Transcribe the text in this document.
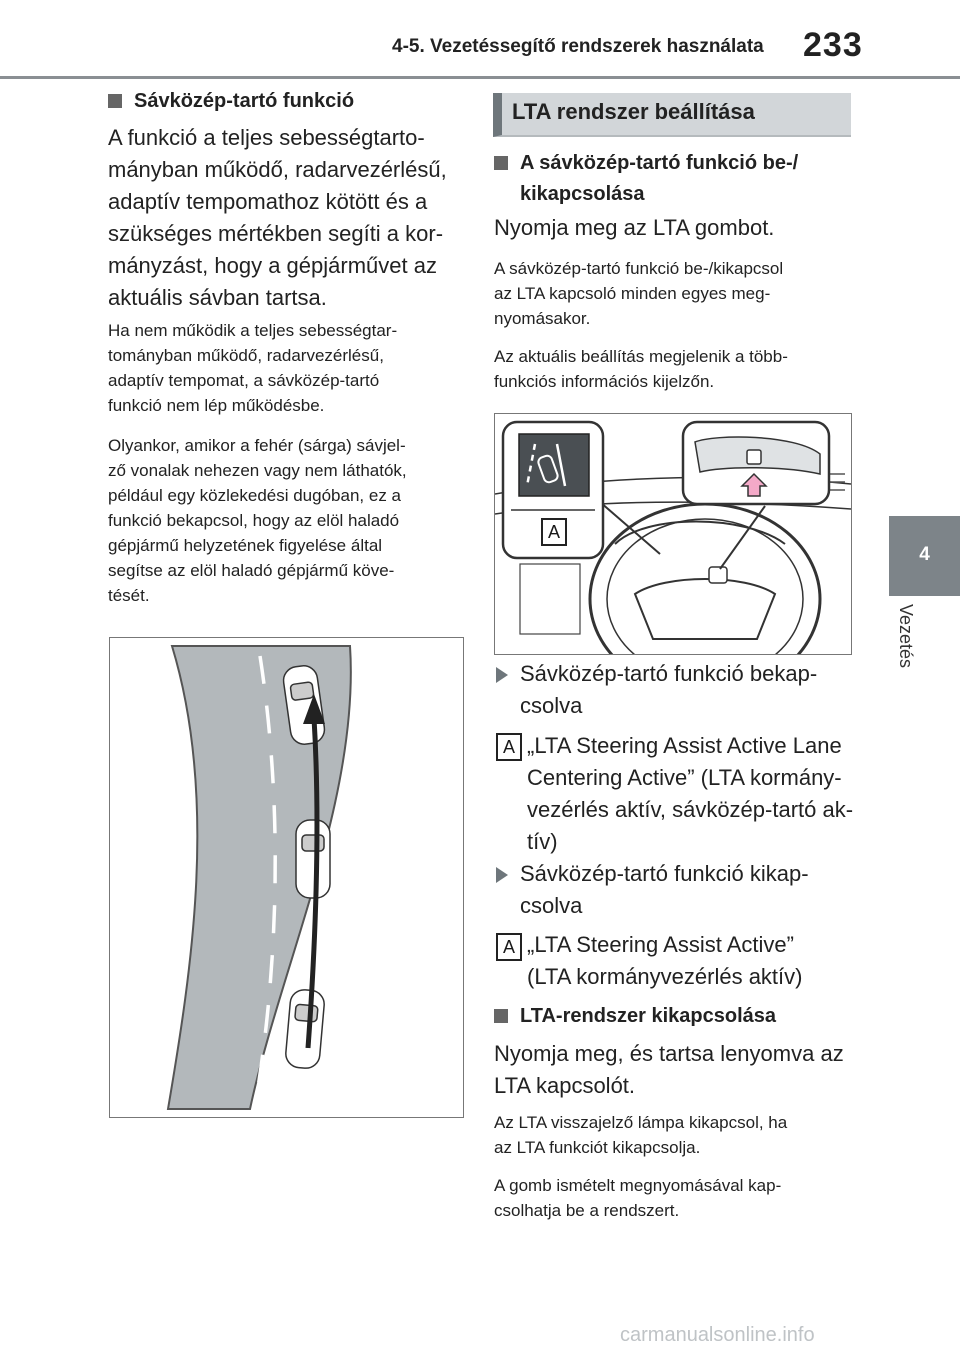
4-5. Vezetéssegítő rendszerek használata 233
4
Vezetés
Sávközép-tartó funkció
A funkció a teljes sebességtarto-
mányban működő, radarvezérlésű,
adaptív tempomathoz kötött és a
szükséges mértékben segíti a kor-
mányzást, hogy a gépjárművet az
aktuális sávban tartsa.
Ha nem működik a teljes sebességtar-
tományban működő, radarvezérlésű,
adaptív tempomat, a sávközép-tartó
funkció nem lép működésbe.
Olyankor, amikor a fehér (sárga) sávjel-
ző vonalak nehezen vagy nem láthatók,
például egy közlekedési dugóban, ez a
funkció bekapcsol, hogy az elöl haladó
gépjármű helyzetének figyelése által
segítse az elöl haladó gépjármű köve-
tését.
LTA rendszer beállítása
A sávközép-tartó funkció be-/
kikapcsolása
Nyomja meg az LTA gombot.
A sávközép-tartó funkció be-/kikapcsol
az LTA kapcsoló minden egyes meg-
nyomásakor.
Az aktuális beállítás megjelenik a több-
funkciós információs kijelzőn.
A
Sávközép-tartó funkció bekap-
csolva
A „LTA Steering Assist Active Lane
Centering Active” (LTA kormány-
vezérlés aktív, sávközép-tartó ak-
tív)
Sávközép-tartó funkció kikap-
csolva
A „LTA Steering Assist Active”
(LTA kormányvezérlés aktív)
LTA-rendszer kikapcsolása
Nyomja meg, és tartsa lenyomva az
LTA kapcsolót.
Az LTA visszajelző lámpa kikapcsol, ha
az LTA funkciót kikapcsolja.
A gomb ismételt megnyomásával kap-
csolhatja be a rendszert.
carmanualsonline.info
